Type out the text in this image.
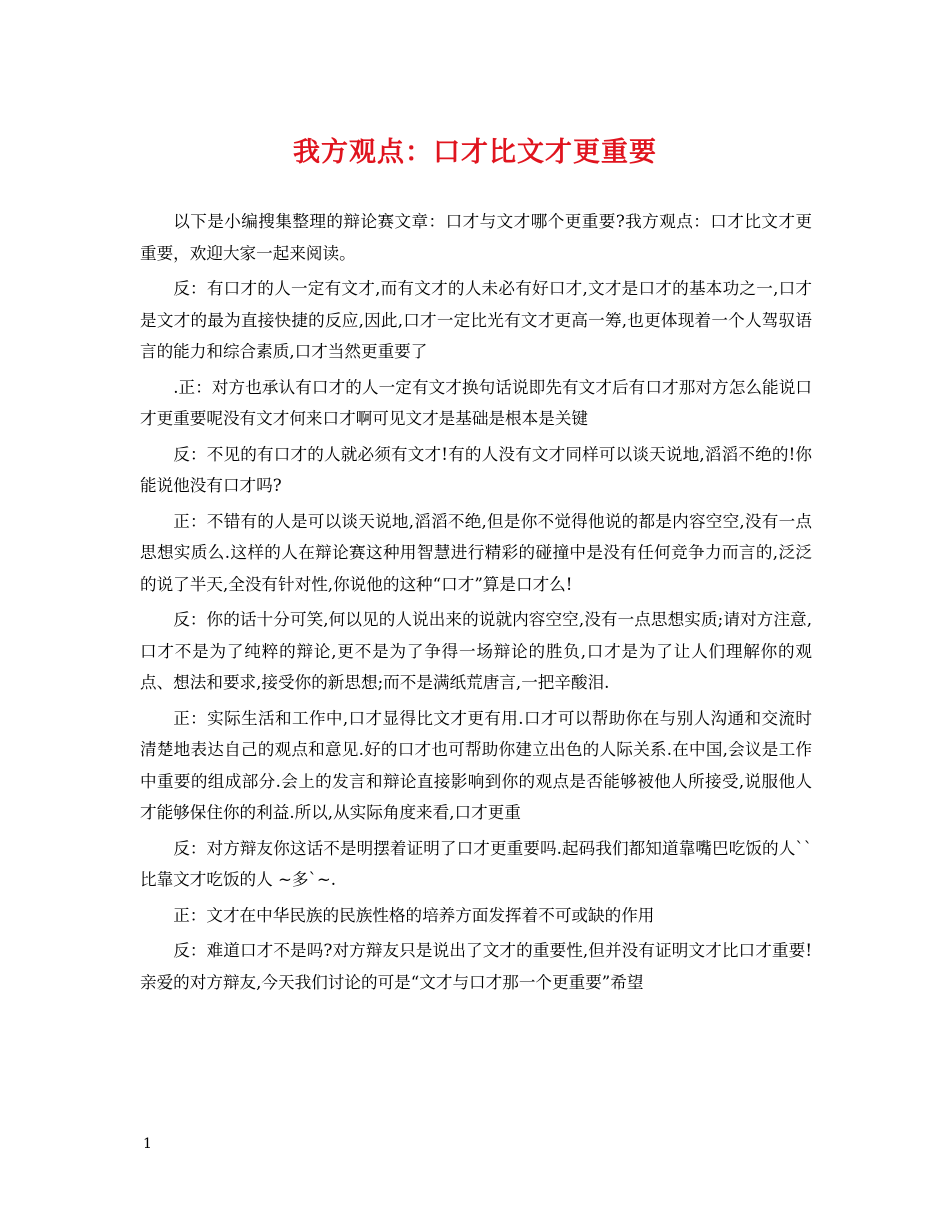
我方观点：口才比文才更重要

以下是小编搜集整理的辩论赛文章：口才与文才哪个更重要?我方观点：口才比文才更重要，欢迎大家一起来阅读。

反：有口才的人一定有文才,而有文才的人未必有好口才,文才是口才的基本功之一,口才是文才的最为直接快捷的反应,因此,口才一定比光有文才更高一筹,也更体现着一个人驾驭语言的能力和综合素质,口才当然更重要了

.正：对方也承认有口才的人一定有文才换句话说即先有文才后有口才那对方怎么能说口才更重要呢没有文才何来口才啊可见文才是基础是根本是关键

反：不见的有口才的人就必须有文才!有的人没有文才同样可以谈天说地,滔滔不绝的!你能说他没有口才吗?

正：不错有的人是可以谈天说地,滔滔不绝,但是你不觉得他说的都是内容空空,没有一点思想实质么.这样的人在辩论赛这种用智慧进行精彩的碰撞中是没有任何竞争力而言的,泛泛的说了半天,全没有针对性,你说他的这种“口才”算是口才么!

反：你的话十分可笑,何以见的人说出来的说就内容空空,没有一点思想实质;请对方注意,口才不是为了纯粹的辩论,更不是为了争得一场辩论的胜负,口才是为了让人们理解你的观点、想法和要求,接受你的新思想;而不是满纸荒唐言,一把辛酸泪.

正：实际生活和工作中,口才显得比文才更有用.口才可以帮助你在与别人沟通和交流时清楚地表达自己的观点和意见.好的口才也可帮助你建立出色的人际关系.在中国,会议是工作中重要的组成部分.会上的发言和辩论直接影响到你的观点是否能够被他人所接受,说服他人才能够保住你的利益.所以,从实际角度来看,口才更重

反：对方辩友你这话不是明摆着证明了口才更重要吗.起码我们都知道靠嘴巴吃饭的人``比靠文才吃饭的人 ~多`~.

正：文才在中华民族的民族性格的培养方面发挥着不可或缺的作用

反：难道口才不是吗?对方辩友只是说出了文才的重要性,但并没有证明文才比口才重要!亲爱的对方辩友,今天我们讨论的可是“文才与口才那一个更重要”希望

1
